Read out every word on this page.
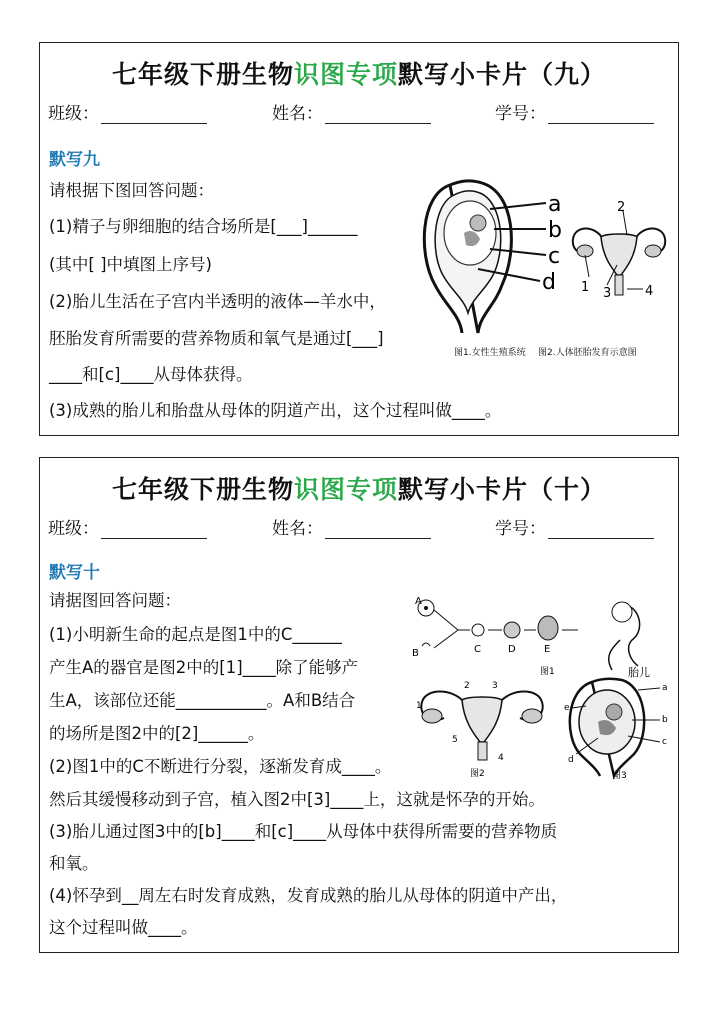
七年级下册生物识图专项默写小卡片（九）
班级：	姓名：	学号：
默写九
请根据下图回答问题：
(1)精子与卵细胞的结合场所是[___]______
(其中[ ]中填图上序号)
(2)胎儿生活在子宫内半透明的液体—羊水中，
胚胎发育所需要的营养物质和氧气是通过[___]
____和[c]____从母体获得。
(3)成熟的胎儿和胎盘从母体的阴道产出，这个过程叫做____。
a
b
c
d
2
1 3	4
图1.女性生殖系统 图2.人体胚胎发育示意图
七年级下册生物识图专项默写小卡片（十）
班级：	姓名：	学号：
默写十
请据图回答问题：
(1)小明新生命的起点是图1中的C______
产生A的器官是图2中的[1]____除了能够产
生A，该部位还能___________。A和B结合
的场所是图2中的[2]______。
(2)图1中的C不断进行分裂，逐渐发育成____。
然后其缓慢移动到子宫，植入图2中[3]____上，这就是怀孕的开始。
(3)胎儿通过图3中的[b]____和[c]____从母体中获得所需要的营养物质
和氧。
(4)怀孕到__周左右时发育成熟，发育成熟的胎儿从母体的阴道中产出，
这个过程叫做____。
A
B	C	D	E
胎儿
图1
1
2 3
4
5
图2
a
b
c
d
e
图3
